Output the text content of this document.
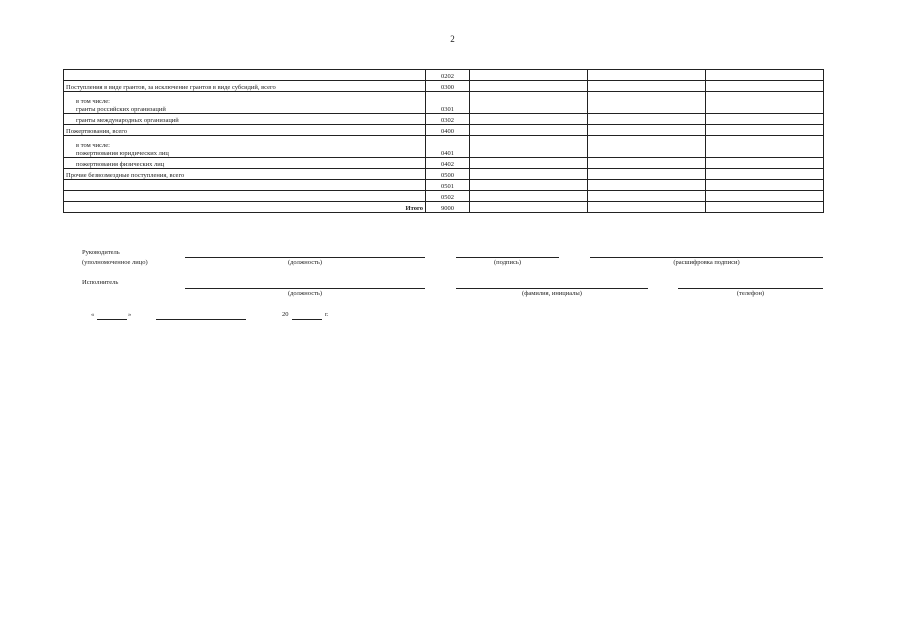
2
	0202			
Поступления в виде грантов, за исключение грантов в виде субсидий, всего	0300			

в том числе:
гранты российских организаций	0301			
гранты международных организаций	0302			
Пожертвования, всего	0400			

в том числе:
пожертвования юридических лиц	0401			
пожертвования физических лиц	0402			
Прочие безвозмездные поступления, всего	0500			
	0501			
	0502			
Итого	9000			
Руководитель
(уполномоченное лицо)	(должность)	(подпись)	(расшифровка подписи)
Исполнитель
(должность)	(фамилия, инициалы)	(телефон)
«	»	20	г.
